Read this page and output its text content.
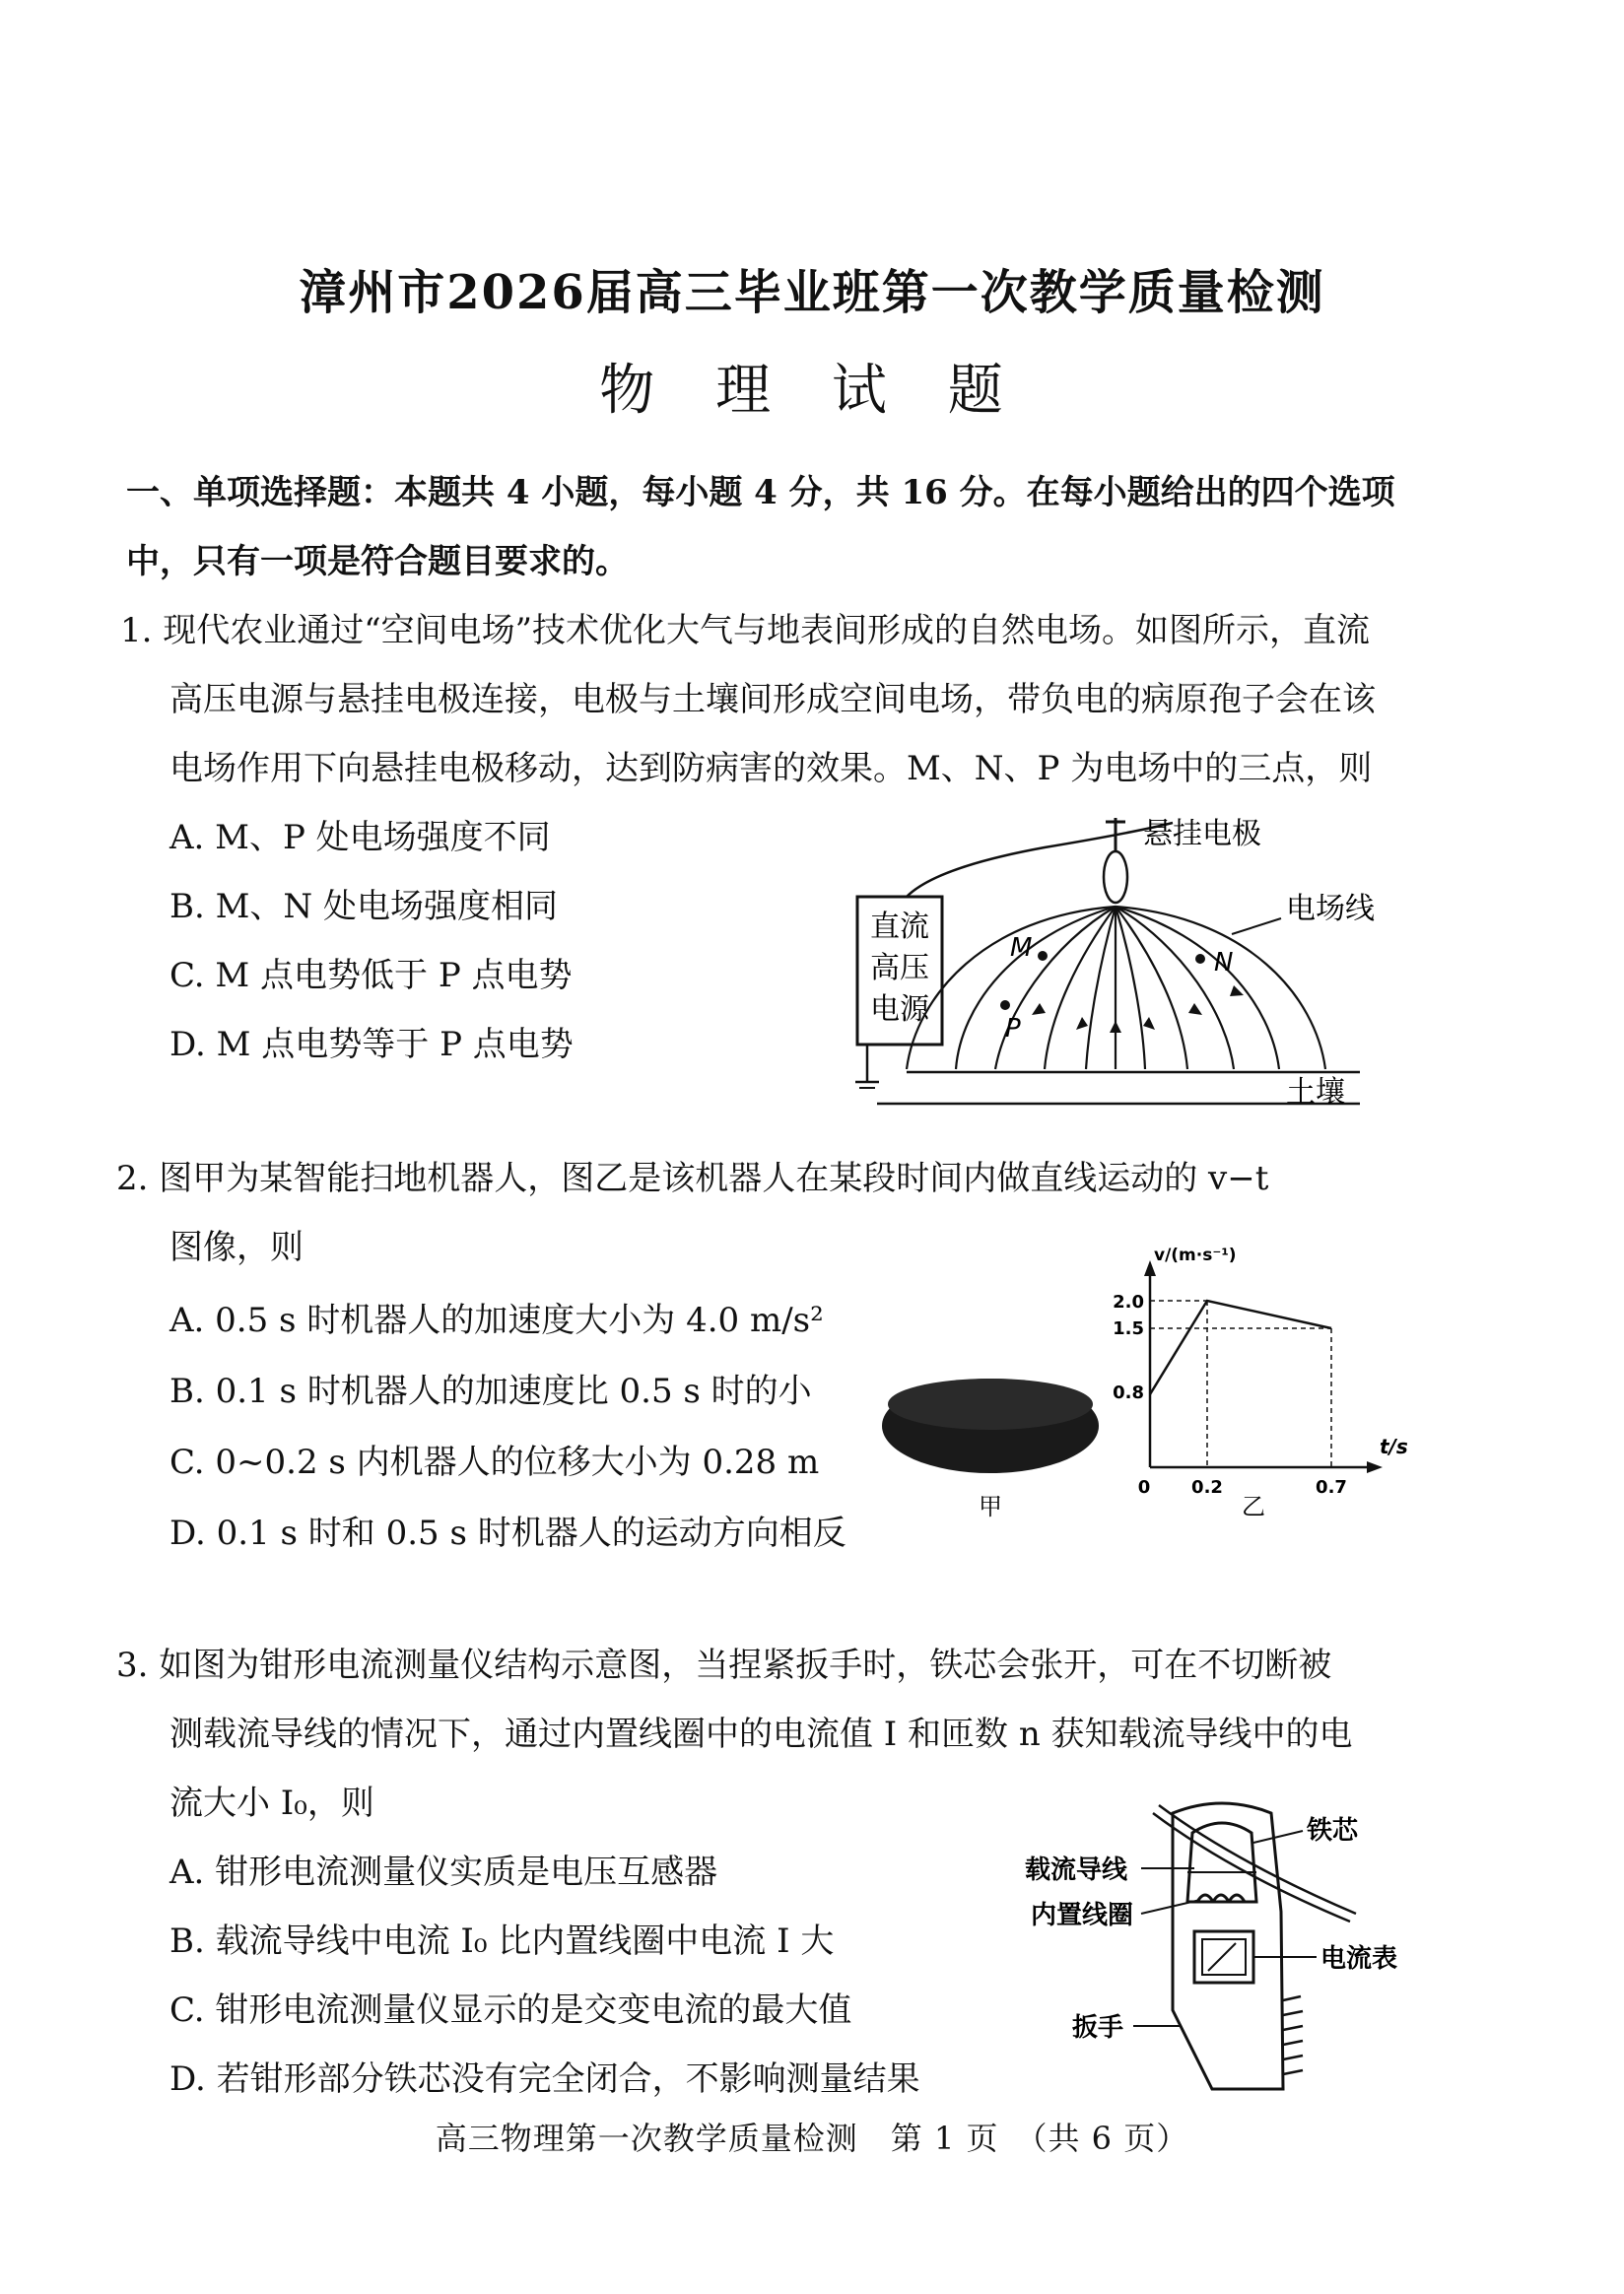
漳州市2026届高三毕业班第一次教学质量检测
物 理 试 题
一、单项选择题：本题共 4 小题，每小题 4 分，共 16 分。在每小题给出的四个选项
中，只有一项是符合题目要求的。
1. 现代农业通过“空间电场”技术优化大气与地表间形成的自然电场。如图所示，直流
高压电源与悬挂电极连接，电极与土壤间形成空间电场，带负电的病原孢子会在该
电场作用下向悬挂电极移动，达到防病害的效果。M、N、P 为电场中的三点，则
A. M、P 处电场强度不同
B. M、N 处电场强度相同
C. M 点电势低于 P 点电势
D. M 点电势等于 P 点电势
直流
高压
电源
悬挂电极
M
P
N
电场线
土壤
2. 图甲为某智能扫地机器人，图乙是该机器人在某段时间内做直线运动的 v−t
图像，则
A. 0.5 s 时机器人的加速度大小为 4.0 m/s²
B. 0.1 s 时机器人的加速度比 0.5 s 时的小
C. 0~0.2 s 内机器人的位移大小为 0.28 m
D. 0.1 s 时和 0.5 s 时机器人的运动方向相反
甲
v/(m·s⁻¹)
t/s
0
2.0
1.5
0.8
0.2	0.7
乙
3. 如图为钳形电流测量仪结构示意图，当捏紧扳手时，铁芯会张开，可在不切断被
测载流导线的情况下，通过内置线圈中的电流值 I 和匝数 n 获知载流导线中的电
流大小 I₀，则
A. 钳形电流测量仪实质是电压互感器
B. 载流导线中电流 I₀ 比内置线圈中电流 I 大
C. 钳形电流测量仪显示的是交变电流的最大值
D. 若钳形部分铁芯没有完全闭合，不影响测量结果
载流导线
内置线圈
铁芯
电流表
扳手
高三物理第一次教学质量检测　第 1 页　（共 6 页）
